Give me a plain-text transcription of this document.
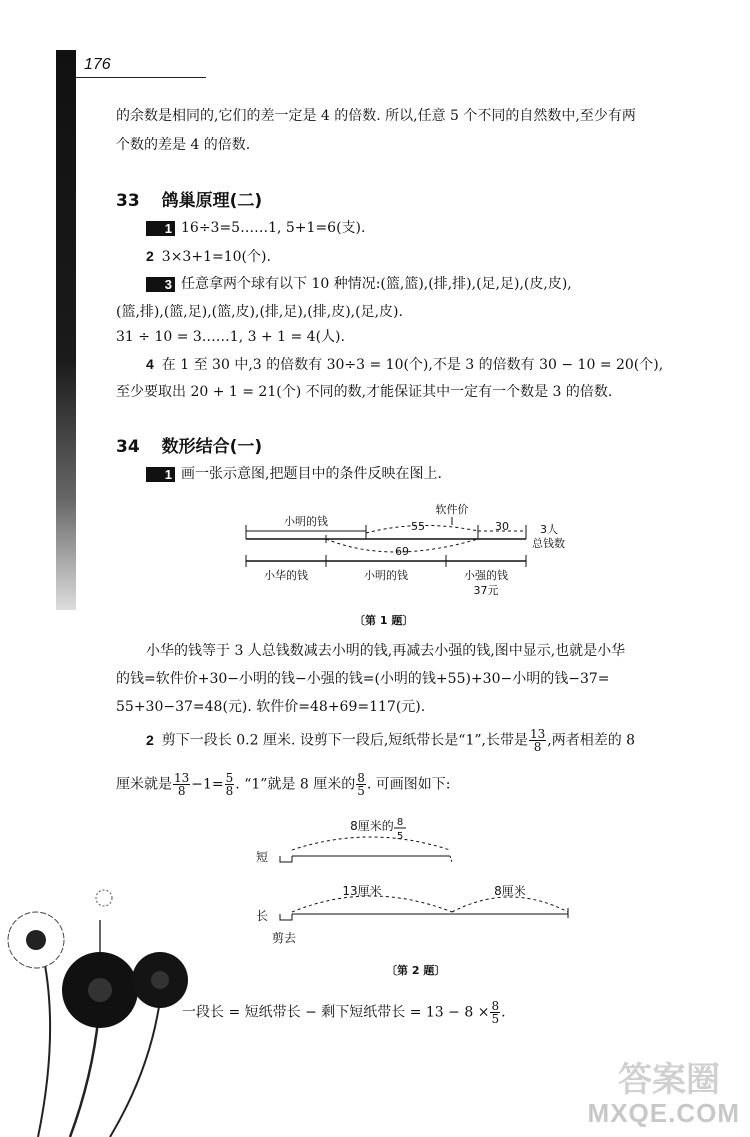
176
的余数是相同的,它们的差一定是 4 的倍数. 所以,任意 5 个不同的自然数中,至少有两
个数的差是 4 的倍数.
33 鸽巢原理(二)
1 16÷3=5……1, 5+1=6(支).
2 3×3+1=10(个).
3 任意拿两个球有以下 10 种情况:(篮,篮),(排,排),(足,足),(皮,皮),
(篮,排),(篮,足),(篮,皮),(排,足),(排,皮),(足,皮).
31 ÷ 10 = 3……1, 3 + 1 = 4(人).
4 在 1 至 30 中,3 的倍数有 30÷3 = 10(个),不是 3 的倍数有 30 − 10 = 20(个),
至少要取出 20 + 1 = 21(个) 不同的数,才能保证其中一定有一个数是 3 的倍数.
34 数形结合(一)
1 画一张示意图,把题目中的条件反映在图上.
软件价
小明的钱	55	30	3人
总钱数
69
小华的钱	小明的钱	小强的钱
37元
〔第 1 题〕
小华的钱等于 3 人总钱数减去小明的钱,再减去小强的钱,图中显示,也就是小华
的钱=软件价+30−小明的钱−小强的钱=(小明的钱+55)+30−小明的钱−37=
55+30−37=48(元). 软件价=48+69=117(元).
2 剪下一段长 0.2 厘米. 设剪下一段后,短纸带长是“1”,长带是 $\frac{13}{8}$ ,两者相差的 8
厘米就是 $\frac{13}{8} -1= \frac{5}{8}$ . “1”就是 8 厘米的 $\frac{8}{5}$ . 可画图如下:
8厘米的 8
5
短
13厘米	8厘米
长
剪去
〔第 2 题〕
一段长 = 短纸带长 − 剩下短纸带长 = $13 - 8 \times \frac{8}{5}$ .
答案圈
MXQE.COM
